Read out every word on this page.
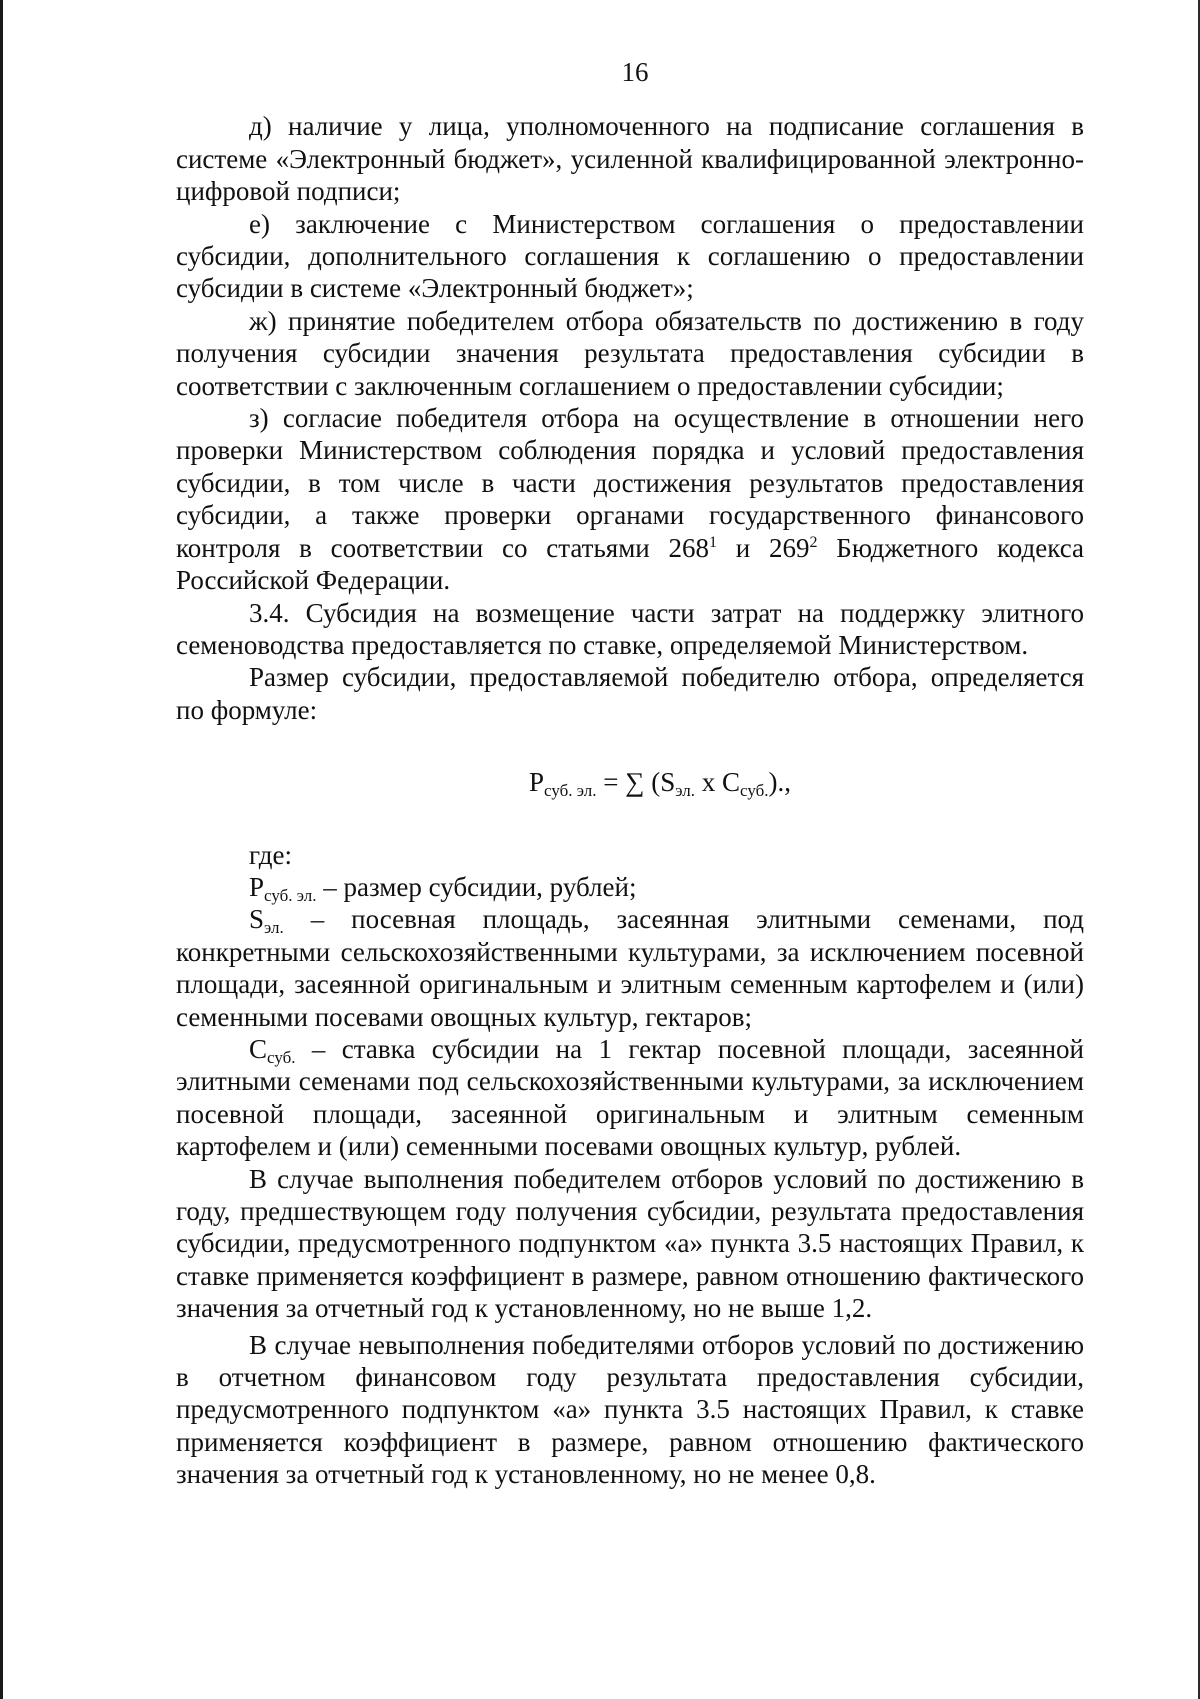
16

д) наличие у лица, уполномоченного на подписание соглашения в системе «Электронный бюджет», усиленной квалифицированной электронно-цифровой подписи;

е) заключение с Министерством соглашения о предоставлении субсидии, дополнительного соглашения к соглашению о предоставлении субсидии в системе «Электронный бюджет»;

ж) принятие победителем отбора обязательств по достижению в году получения субсидии значения результата предоставления субсидии в соответствии с заключенным соглашением о предоставлении субсидии;

з) согласие победителя отбора на осуществление в отношении него проверки Министерством соблюдения порядка и условий предоставления субсидии, в том числе в части достижения результатов предоставления субсидии, а также проверки органами государственного финансового контроля в соответствии со статьями $268^1$ и $269^2$ Бюджетного кодекса Российской Федерации.

3.4. Субсидия на возмещение части затрат на поддержку элитного семеноводства предоставляется по ставке, определяемой Министерством.

Размер субсидии, предоставляемой победителю отбора, определяется по формуле:

$P_{суб. эл.}$ = ∑ ($S_{эл.}$ x $C_{суб.}$).,

где:

$P_{суб. эл.}$ – размер субсидии, рублей;

$S_{эл.}$ – посевная площадь, засеянная элитными семенами, под конкретными сельскохозяйственными культурами, за исключением посевной площади, засеянной оригинальным и элитным семенным картофелем и (или) семенными посевами овощных культур, гектаров;

$C_{суб.}$ – ставка субсидии на 1 гектар посевной площади, засеянной элитными семенами под сельскохозяйственными культурами, за исключением посевной площади, засеянной оригинальным и элитным семенным картофелем и (или) семенными посевами овощных культур, рублей.

В случае выполнения победителем отборов условий по достижению в году, предшествующем году получения субсидии, результата предоставления субсидии, предусмотренного подпунктом «а» пункта 3.5 настоящих Правил, к ставке применяется коэффициент в размере, равном отношению фактического значения за отчетный год к установленному, но не выше 1,2.

В случае невыполнения победителями отборов условий по достижению в отчетном финансовом году результата предоставления субсидии, предусмотренного подпунктом «а» пункта 3.5 настоящих Правил, к ставке применяется коэффициент в размере, равном отношению фактического значения за отчетный год к установленному, но не менее 0,8.
